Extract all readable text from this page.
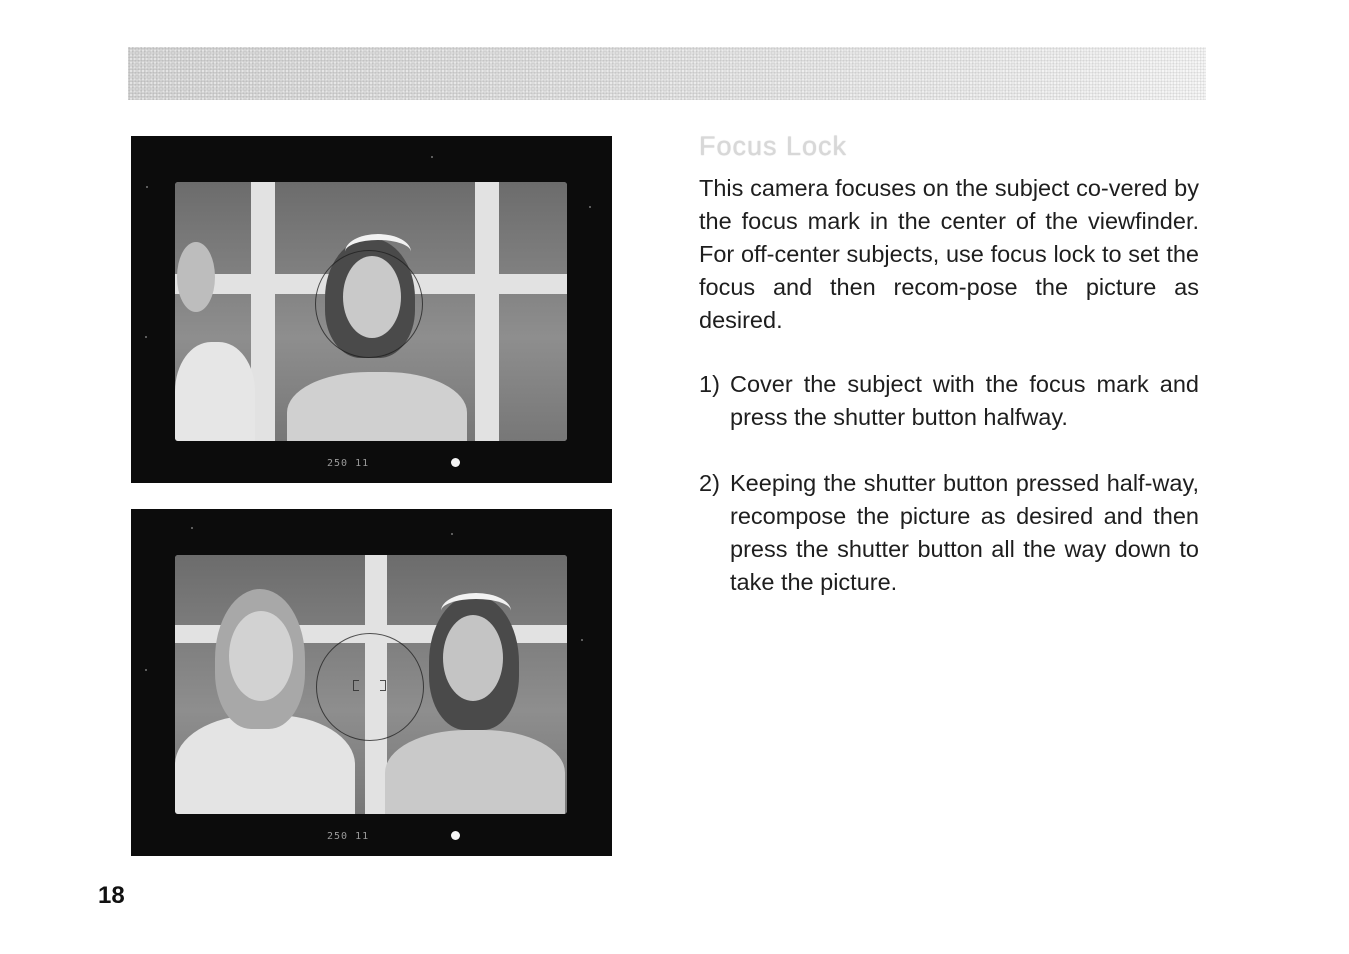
250 11
250 11
Focus Lock

This camera focuses on the subject co-vered by the focus mark in the center of the viewfinder. For off-center subjects, use focus lock to set the focus and then recom-pose the picture as desired.

1) Cover the subject with the focus mark and press the shutter button halfway.
2) Keeping the shutter button pressed half-way, recompose the picture as desired and then press the shutter button all the way down to take the picture.
18
